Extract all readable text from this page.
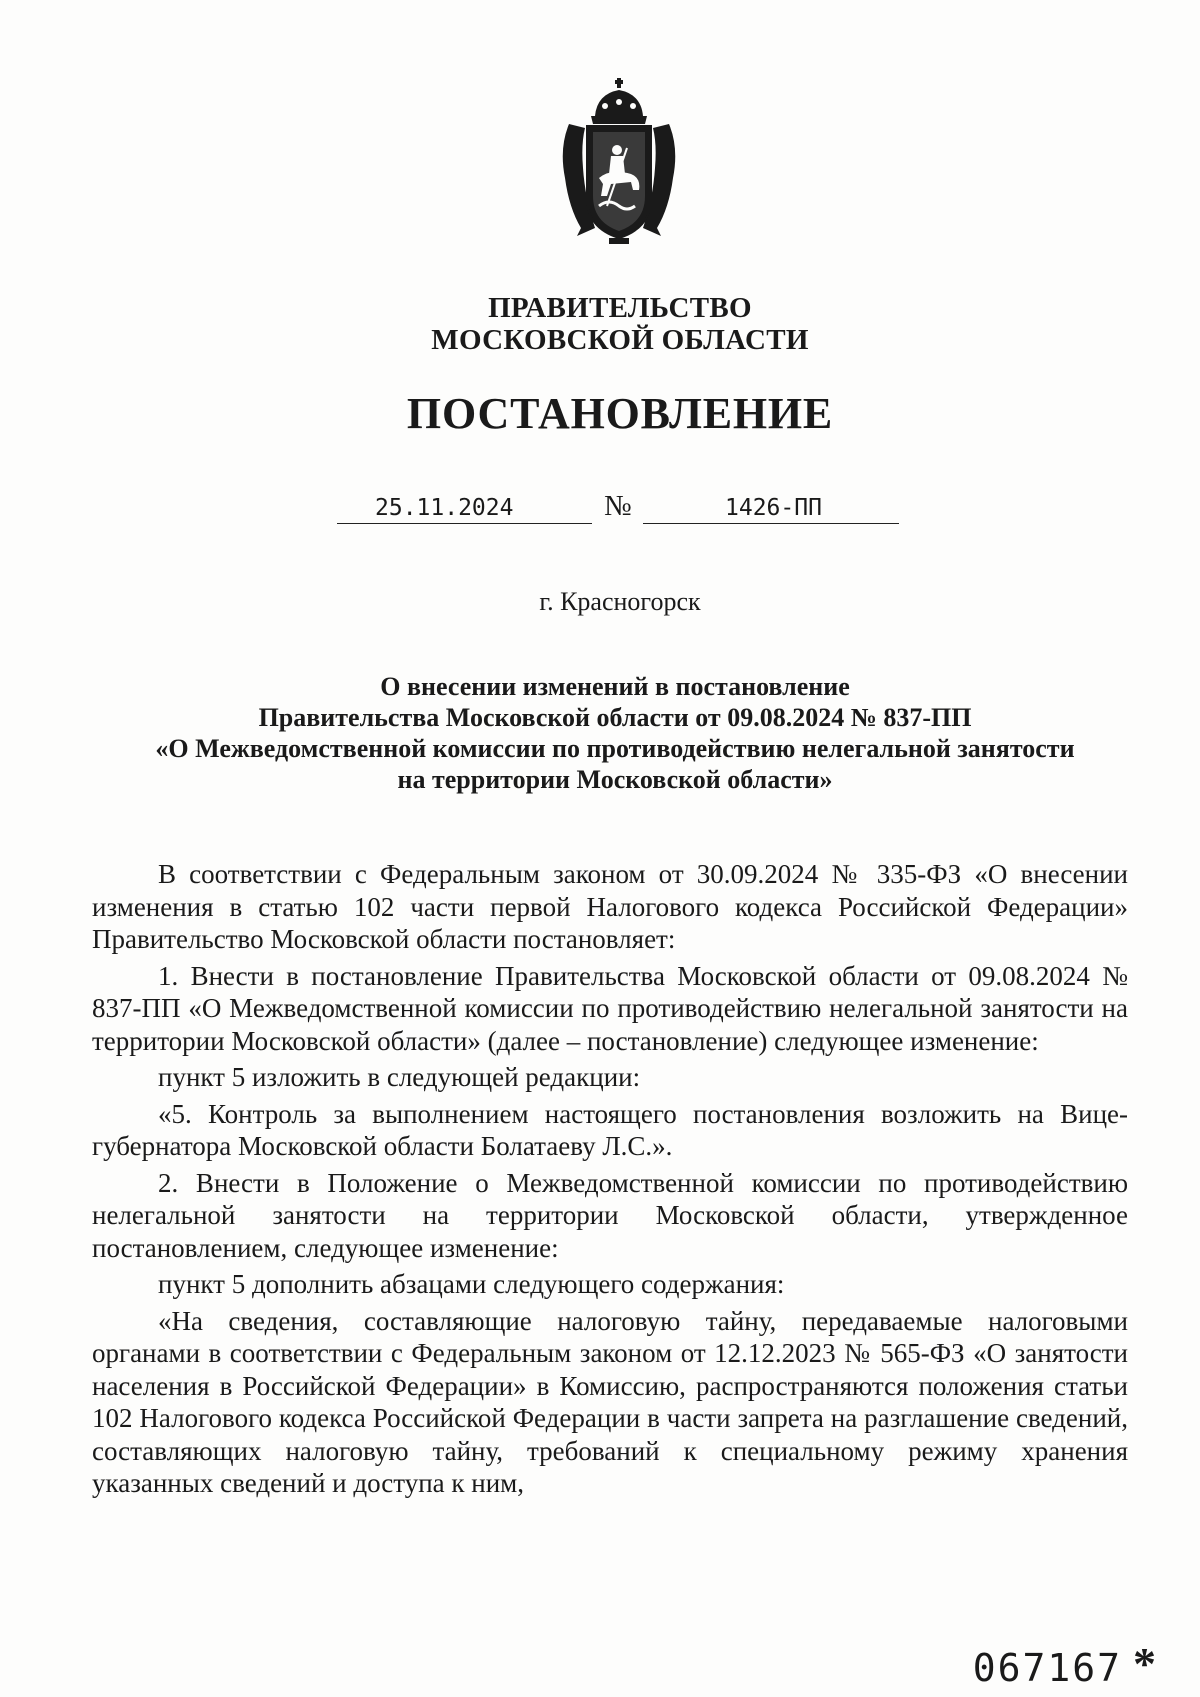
ПРАВИТЕЛЬСТВО
МОСКОВСКОЙ ОБЛАСТИ
ПОСТАНОВЛЕНИЕ
25.11.2024	№	1426-ПП
г. Красногорск
О внесении изменений в постановление
Правительства Московской области от 09.08.2024 № 837-ПП
«О Межведомственной комиссии по противодействию нелегальной занятости
на территории Московской области»

В соответствии с Федеральным законом от 30.09.2024 № 335-ФЗ «О внесении изменения в статью 102 части первой Налогового кодекса Российской Федерации» Правительство Московской области постановляет:

1. Внести в постановление Правительства Московской области от 09.08.2024 № 837-ПП «О Межведомственной комиссии по противодействию нелегальной занятости на территории Московской области» (далее – постановление) следующее изменение:

пункт 5 изложить в следующей редакции:

«5. Контроль за выполнением настоящего постановления возложить на Вице-губернатора Московской области Болатаеву Л.С.».

2. Внести в Положение о Межведомственной комиссии по противодействию нелегальной занятости на территории Московской области, утвержденное постановлением, следующее изменение:

пункт 5 дополнить абзацами следующего содержания:

«На сведения, составляющие налоговую тайну, передаваемые налоговыми органами в соответствии с Федеральным законом от 12.12.2023 № 565-ФЗ «О занятости населения в Российской Федерации» в Комиссию, распространяются положения статьи 102 Налогового кодекса Российской Федерации в части запрета на разглашение сведений, составляющих налоговую тайну, требований к специальному режиму хранения указанных сведений и доступа к ним,

067167 *
